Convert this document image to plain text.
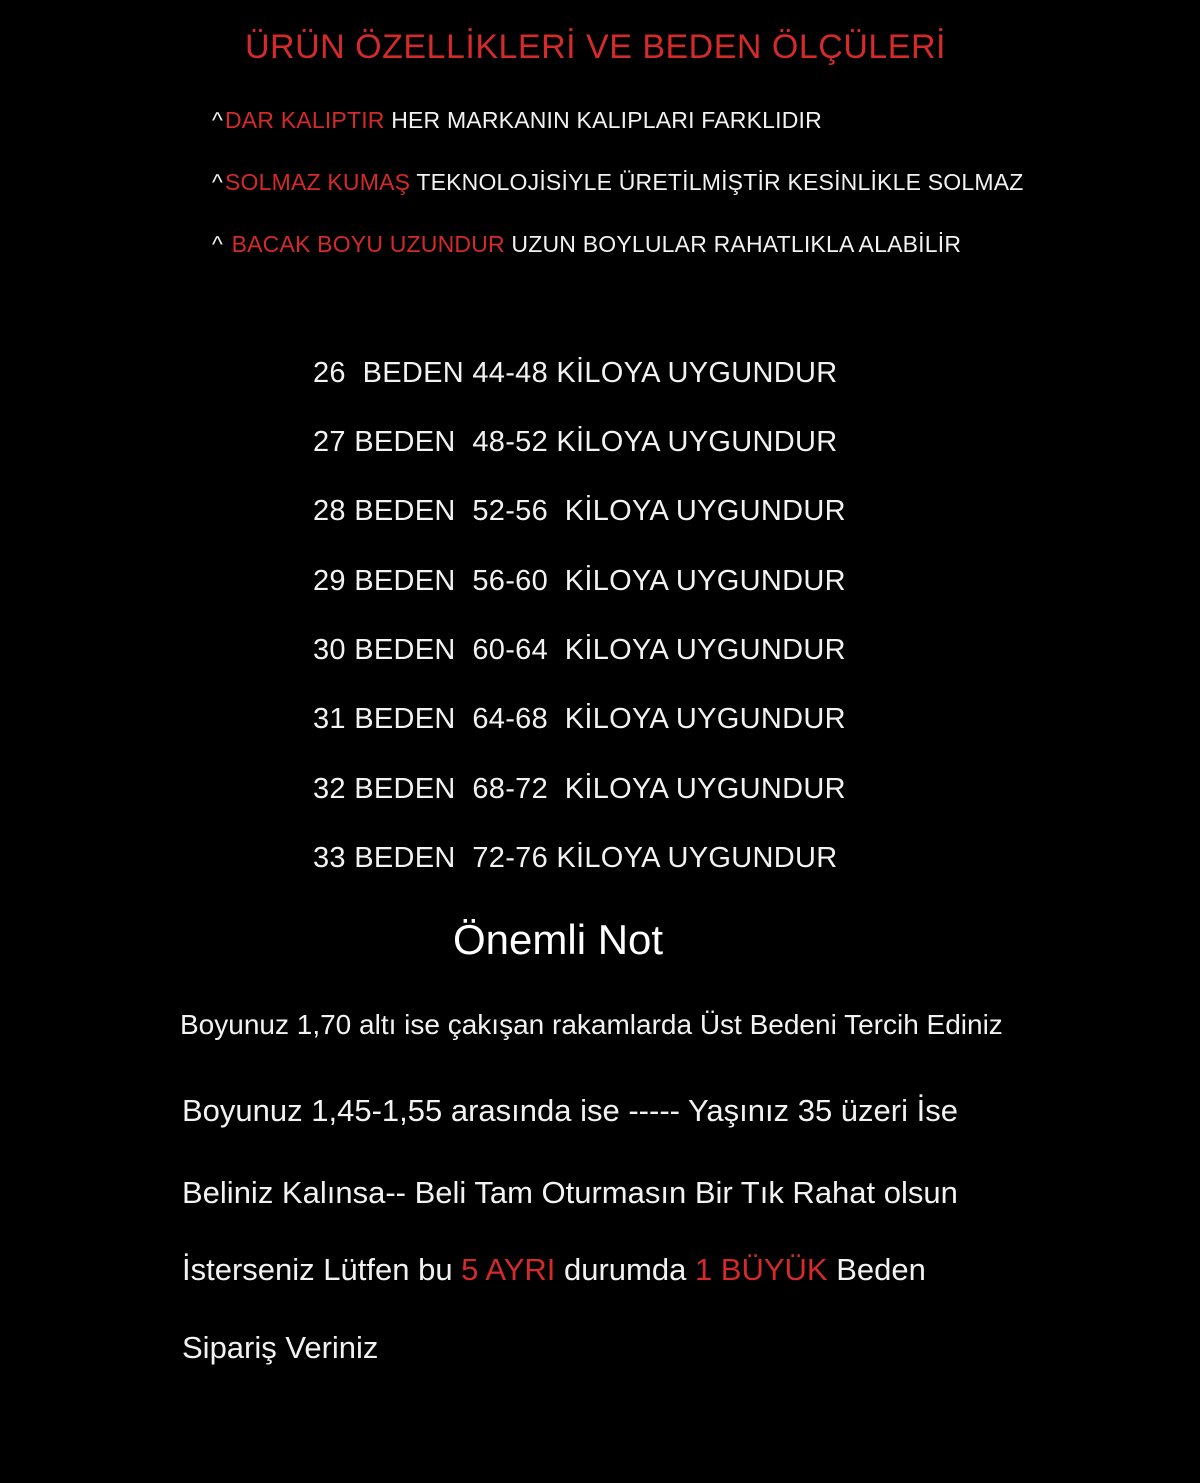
ÜRÜN ÖZELLİKLERİ VE BEDEN ÖLÇÜLERİ
^DAR KALIPTIR HER MARKANIN KALIPLARI FARKLIDIR
^SOLMAZ KUMAŞ TEKNOLOJİSİYLE ÜRETİLMİŞTİR KESİNLİKLE SOLMAZ
^ BACAK BOYU UZUNDUR UZUN BOYLULAR RAHATLIKLA ALABİLİR
26  BEDEN 44-48 KİLOYA UYGUNDUR
27 BEDEN  48-52 KİLOYA UYGUNDUR
28 BEDEN  52-56  KİLOYA UYGUNDUR
29 BEDEN  56-60  KİLOYA UYGUNDUR
30 BEDEN  60-64  KİLOYA UYGUNDUR
31 BEDEN  64-68  KİLOYA UYGUNDUR
32 BEDEN  68-72  KİLOYA UYGUNDUR
33 BEDEN  72-76 KİLOYA UYGUNDUR
Önemli Not
Boyunuz 1,70 altı ise çakışan rakamlarda Üst Bedeni Tercih Ediniz
Boyunuz 1,45-1,55 arasında ise ----- Yaşınız 35 üzeri İse
Beliniz Kalınsa-- Beli Tam Oturmasın Bir Tık Rahat olsun
İsterseniz Lütfen bu 5 AYRI durumda 1 BÜYÜK Beden
Sipariş Veriniz
